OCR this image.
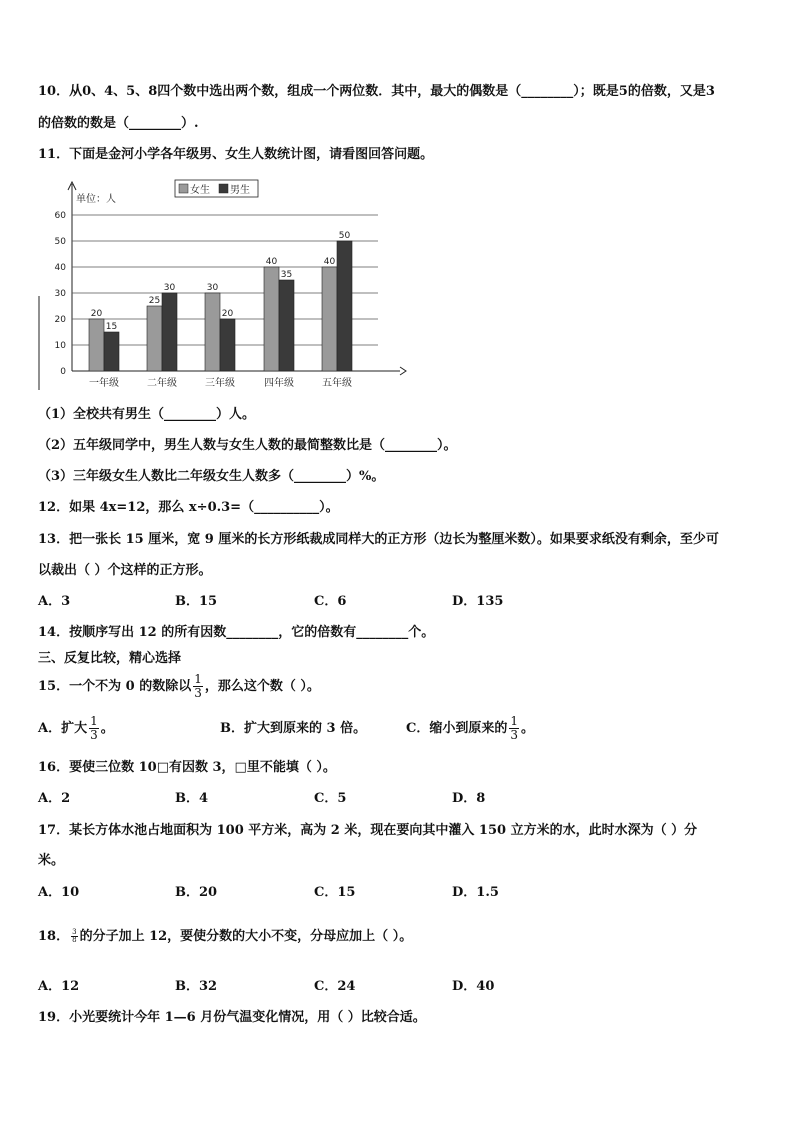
10．从0、4、5、8四个数中选出两个数，组成一个两位数．其中，最大的偶数是（________）；既是5的倍数，又是3
的倍数的数是（________）.
11．下面是金河小学各年级男、女生人数统计图，请看图回答问题。
0
10
20
30
40
50
60
单位：人
20
15
一年级
25
30
二年级
30
20
三年级
40
35
四年级
40
50
五年级
女生 男生
（1）全校共有男生（________）人。
（2）五年级同学中，男生人数与女生人数的最简整数比是（________）。
（3）三年级女生人数比二年级女生人数多（________）%。
12．如果 4x=12，那么 x÷0.3=（__________）。
13．把一张长 15 厘米，宽 9 厘米的长方形纸裁成同样大的正方形（边长为整厘米数）。如果要求纸没有剩余，至少可
以裁出（ ）个这样的正方形。
A．3	B．15	C．6	D．135
14．按顺序写出 12 的所有因数________，它的倍数有________个。
三、反复比较，精心选择
15．一个不为 0 的数除以 $\frac{1}{3}$ ，那么这个数（ ）。
A．扩大 $\frac{1}{3}$ 。	B．扩大到原来的 3 倍。	C．缩小到原来的 $\frac{1}{3}$ 。
16．要使三位数 10□有因数 3，□里不能填（ ）。
A．2	B．4	C．5	D．8
17．某长方体水池占地面积为 100 平方米，高为 2 米，现在要向其中灌入 150 立方米的水，此时水深为（ ）分
米。
A．10	B．20	C．15	D．1.5
18． $\frac{3}{8}$ 的分子加上 12，要使分数的大小不变，分母应加上（ ）。
A．12	B．32	C．24	D．40
19．小光要统计今年 1—6 月份气温变化情况，用（ ）比较合适。
